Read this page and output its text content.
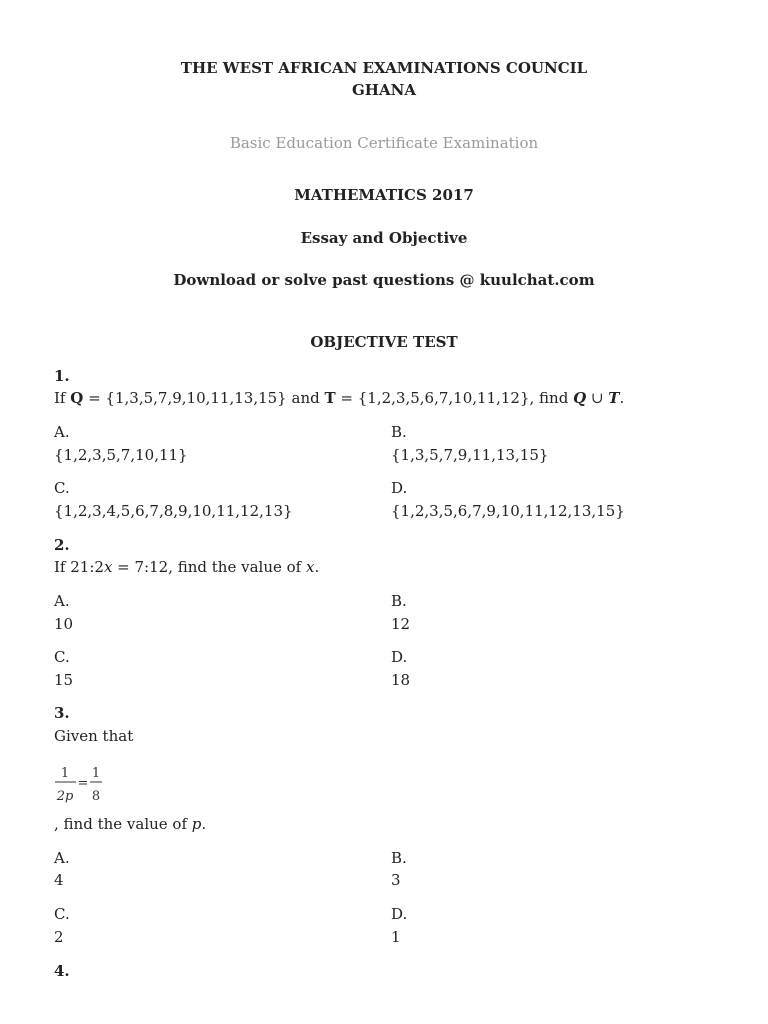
THE WEST AFRICAN EXAMINATIONS COUNCIL
GHANA
Basic Education Certificate Examination
MATHEMATICS 2017
Essay and Objective
Download or solve past questions @ kuulchat.com
OBJECTIVE TEST
1.
If Q = {1,3,5,7,9,10,11,13,15} and T = {1,2,3,5,6,7,10,11,12}, find Q ∪ T.
A.
{1,2,3,5,7,10,11}
B.
{1,3,5,7,9,11,13,15}
C.
{1,2,3,4,5,6,7,8,9,10,11,12,13}
D.
{1,2,3,5,6,7,9,10,11,12,13,15}
2.
If 21:2x = 7:12, find the value of x.
A.
10
B.
12
C.
15
D.
18
3.
Given that
1
2p
=
1
8
, find the value of p.
A.
4
B.
3
C.
2
D.
1
4.
